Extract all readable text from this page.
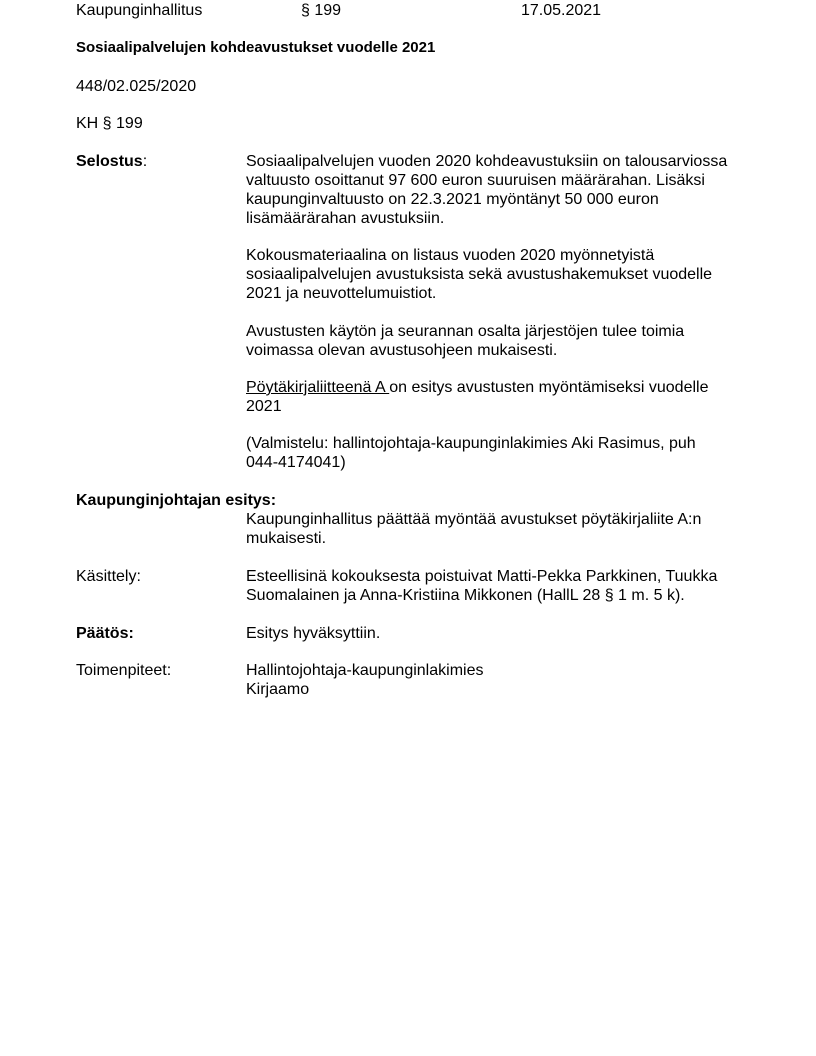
Kaupunginhallitus	§ 199	17.05.2021
Sosiaalipalvelujen kohdeavustukset vuodelle 2021
448/02.025/2020
KH § 199
Selostus:	Sosiaalipalvelujen vuoden 2020 kohdeavustuksiin on talousarviossa

valtuusto osoittanut 97 600 euron suuruisen määrärahan. Lisäksi

kaupunginvaltuusto on 22.3.2021 myöntänyt 50 000 euron

lisämäärärahan avustuksiin.

Kokousmateriaalina on listaus vuoden 2020 myönnetyistä

sosiaalipalvelujen avustuksista sekä avustushakemukset vuodelle

2021 ja neuvottelumuistiot.

Avustusten käytön ja seurannan osalta järjestöjen tulee toimia

voimassa olevan avustusohjeen mukaisesti.

Pöytäkirjaliitteenä A on esitys avustusten myöntämiseksi vuodelle

2021

(Valmistelu: hallintojohtaja-kaupunginlakimies Aki Rasimus, puh

044-4174041)

Kaupunginjohtajan esitys:

Kaupunginhallitus päättää myöntää avustukset pöytäkirjaliite A:n

mukaisesti.

Käsittely:	Esteellisinä kokouksesta poistuivat Matti-Pekka Parkkinen, Tuukka

Suomalainen ja Anna-Kristiina Mikkonen (HallL 28 § 1 m. 5 k).

Päätös:	Esitys hyväksyttiin.
Toimenpiteet:	Hallintojohtaja-kaupunginlakimies

Kirjaamo
